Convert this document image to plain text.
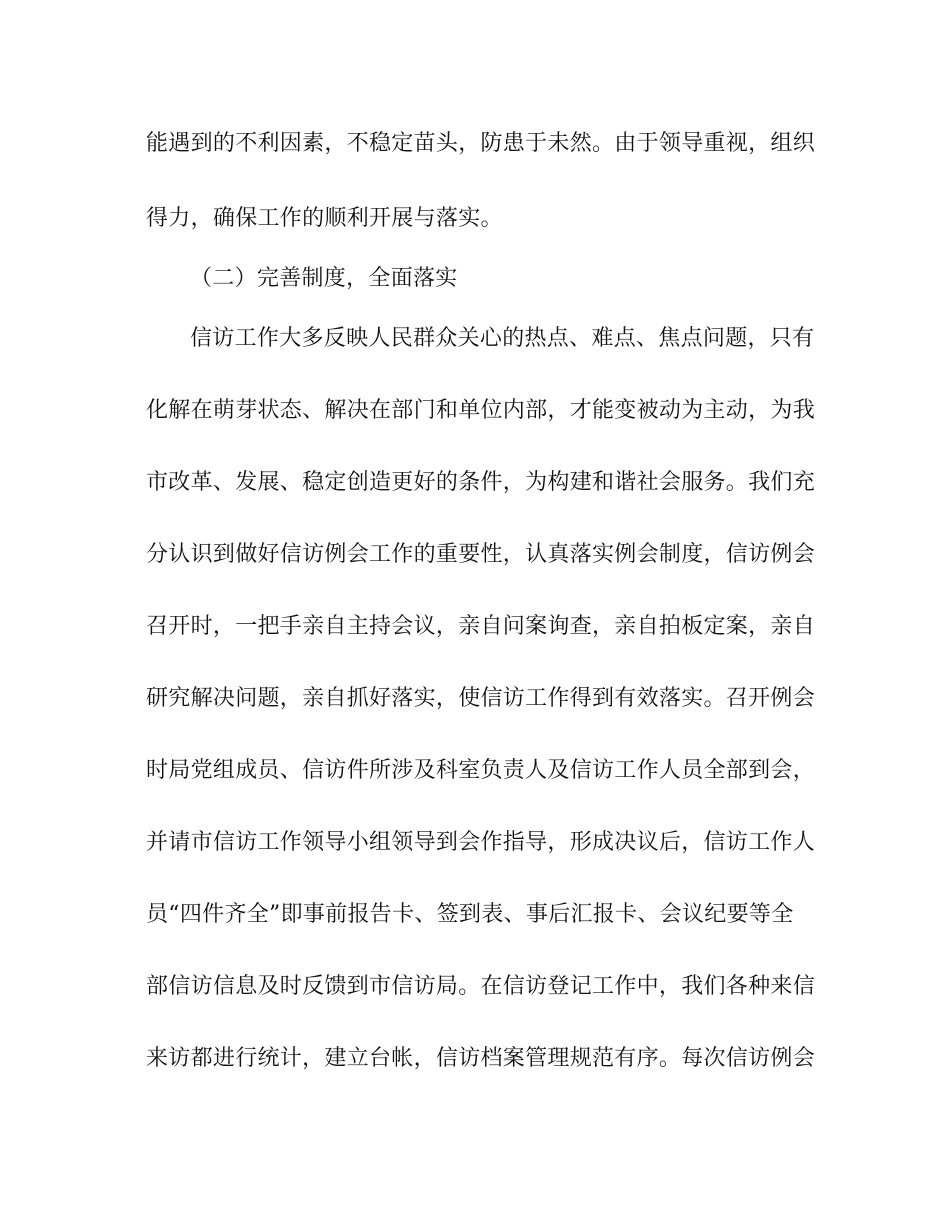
能遇到的不利因素，不稳定苗头，防患于未然。由于领导重视，组织
得力，确保工作的顺利开展与落实。
（二）完善制度，全面落实
信访工作大多反映人民群众关心的热点、难点、焦点问题，只有
化解在萌芽状态、解决在部门和单位内部，才能变被动为主动，为我
市改革、发展、稳定创造更好的条件，为构建和谐社会服务。我们充
分认识到做好信访例会工作的重要性，认真落实例会制度，信访例会
召开时，一把手亲自主持会议，亲自问案询查，亲自拍板定案，亲自
研究解决问题，亲自抓好落实，使信访工作得到有效落实。召开例会
时局党组成员、信访件所涉及科室负责人及信访工作人员全部到会，
并请市信访工作领导小组领导到会作指导，形成决议后，信访工作人
员“四件齐全”即事前报告卡、签到表、事后汇报卡、会议纪要等全
部信访信息及时反馈到市信访局。在信访登记工作中，我们各种来信
来访都进行统计，建立台帐，信访档案管理规范有序。每次信访例会
